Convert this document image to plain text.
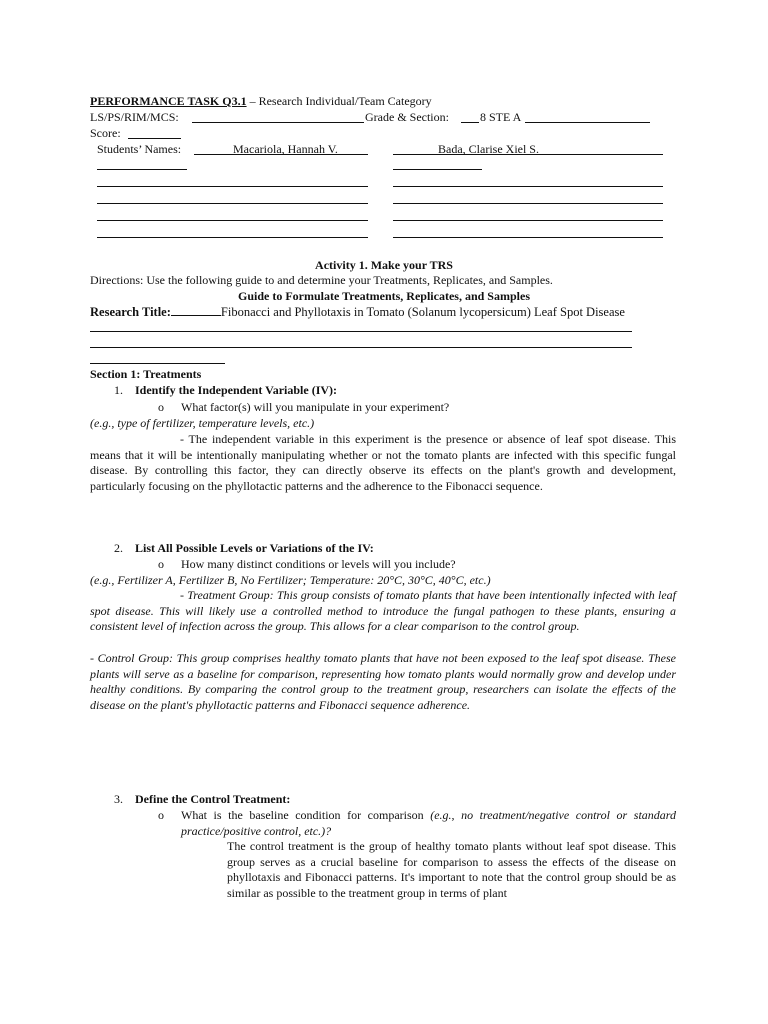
PERFORMANCE TASK Q3.1 – Research Individual/Team Category
LS/PS/RIM/MCS:	Grade & Section:	8 STE A
Score:
Students’ Names:	Macariola, Hannah V.	Bada, Clarise Xiel S.
Activity 1. Make your TRS
Directions: Use the following guide to and determine your Treatments, Replicates, and Samples.
Guide to Formulate Treatments, Replicates, and Samples
Research Title:	Fibonacci and Phyllotaxis in Tomato (Solanum lycopersicum) Leaf Spot Disease
Section 1: Treatments
1. Identify the Independent Variable (IV):
o What factor(s) will you manipulate in your experiment?
(e.g., type of fertilizer, temperature levels, etc.)
- The independent variable in this experiment is the presence or absence of leaf spot disease. This means that it will be intentionally manipulating whether or not the tomato plants are infected with this specific fungal disease. By controlling this factor, they can directly observe its effects on the plant's growth and development, particularly focusing on the phyllotactic patterns and the adherence to the Fibonacci sequence.
2. List All Possible Levels or Variations of the IV:
o How many distinct conditions or levels will you include?
(e.g., Fertilizer A, Fertilizer B, No Fertilizer; Temperature: 20°C, 30°C, 40°C, etc.)
- Treatment Group: This group consists of tomato plants that have been intentionally infected with leaf spot disease. This will likely use a controlled method to introduce the fungal pathogen to these plants, ensuring a consistent level of infection across the group. This allows for a clear comparison to the control group.
- Control Group: This group comprises healthy tomato plants that have not been exposed to the leaf spot disease. These plants will serve as a baseline for comparison, representing how tomato plants would normally grow and develop under healthy conditions. By comparing the control group to the treatment group, researchers can isolate the effects of the disease on the plant's phyllotactic patterns and Fibonacci sequence adherence.
3. Define the Control Treatment:
o What is the baseline condition for comparison (e.g., no treatment/negative control or standard practice/positive control, etc.)?
The control treatment is the group of healthy tomato plants without leaf spot disease. This group serves as a crucial baseline for comparison to assess the effects of the disease on phyllotaxis and Fibonacci patterns. It's important to note that the control group should be as similar as possible to the treatment group in terms of plant
